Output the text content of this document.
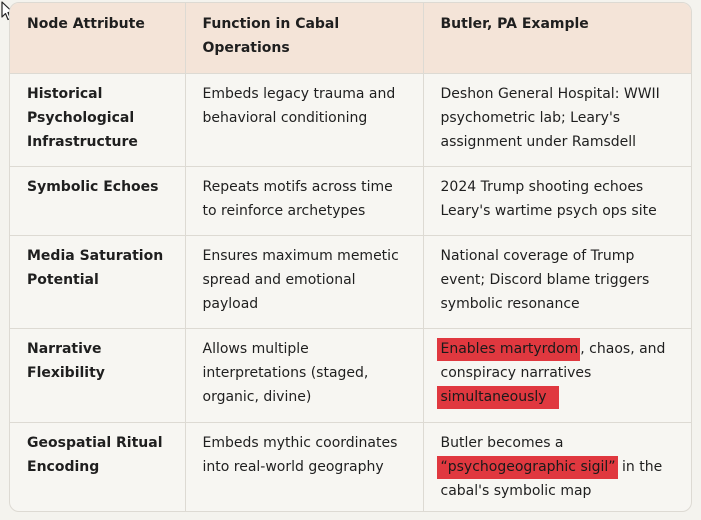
Node Attribute	Function in Cabal Operations	Butler, PA Example
Historical Psychological Infrastructure	Embeds legacy trauma and behavioral conditioning	Deshon General Hospital: WWII psychometric lab; Leary's assignment under Ramsdell
Symbolic Echoes	Repeats motifs across time to reinforce archetypes	2024 Trump shooting echoes Leary's wartime psych ops site
Media Saturation Potential	Ensures maximum memetic spread and emotional payload	National coverage of Trump event; Discord blame triggers symbolic resonance
Narrative Flexibility	Allows multiple interpretations (staged, organic, divine)	Enables martyrdom , chaos, and conspiracy narratives simultaneously
Geospatial Ritual Encoding	Embeds mythic coordinates into real-world geography	Butler becomes a “psychogeographic sigil” in the cabal's symbolic map
